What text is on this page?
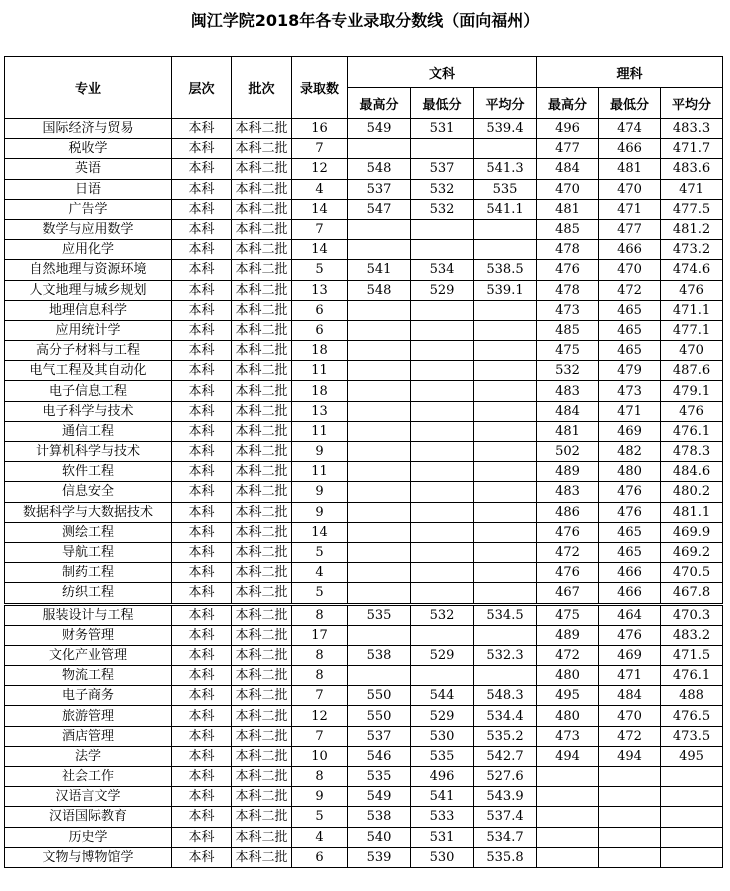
闽江学院2018年各专业录取分数线（面向福州）
专业	层次	批次	录取数	文科			理科		
				最高分	最低分	平均分	最高分	最低分	平均分
国际经济与贸易	本科	本科二批	16	549	531	539.4	496	474	483.3
税收学	本科	本科二批	7				477	466	471.7
英语	本科	本科二批	12	548	537	541.3	484	481	483.6
日语	本科	本科二批	4	537	532	535	470	470	471
广告学	本科	本科二批	14	547	532	541.1	481	471	477.5
数学与应用数学	本科	本科二批	7				485	477	481.2
应用化学	本科	本科二批	14				478	466	473.2
自然地理与资源环境	本科	本科二批	5	541	534	538.5	476	470	474.6
人文地理与城乡规划	本科	本科二批	13	548	529	539.1	478	472	476
地理信息科学	本科	本科二批	6				473	465	471.1
应用统计学	本科	本科二批	6				485	465	477.1
高分子材料与工程	本科	本科二批	18				475	465	470
电气工程及其自动化	本科	本科二批	11				532	479	487.6
电子信息工程	本科	本科二批	18				483	473	479.1
电子科学与技术	本科	本科二批	13				484	471	476
通信工程	本科	本科二批	11				481	469	476.1
计算机科学与技术	本科	本科二批	9				502	482	478.3
软件工程	本科	本科二批	11				489	480	484.6
信息安全	本科	本科二批	9				483	476	480.2
数据科学与大数据技术	本科	本科二批	9				486	476	481.1
测绘工程	本科	本科二批	14				476	465	469.9
导航工程	本科	本科二批	5				472	465	469.2
制药工程	本科	本科二批	4				476	466	470.5
纺织工程	本科	本科二批	5				467	466	467.8
服装设计与工程	本科	本科二批	8	535	532	534.5	475	464	470.3
财务管理	本科	本科二批	17				489	476	483.2
文化产业管理	本科	本科二批	8	538	529	532.3	472	469	471.5
物流工程	本科	本科二批	8				480	471	476.1
电子商务	本科	本科二批	7	550	544	548.3	495	484	488
旅游管理	本科	本科二批	12	550	529	534.4	480	470	476.5
酒店管理	本科	本科二批	7	537	530	535.2	473	472	473.5
法学	本科	本科二批	10	546	535	542.7	494	494	495
社会工作	本科	本科二批	8	535	496	527.6			
汉语言文学	本科	本科二批	9	549	541	543.9			
汉语国际教育	本科	本科二批	5	538	533	537.4			
历史学	本科	本科二批	4	540	531	534.7			
文物与博物馆学	本科	本科二批	6	539	530	535.8			
